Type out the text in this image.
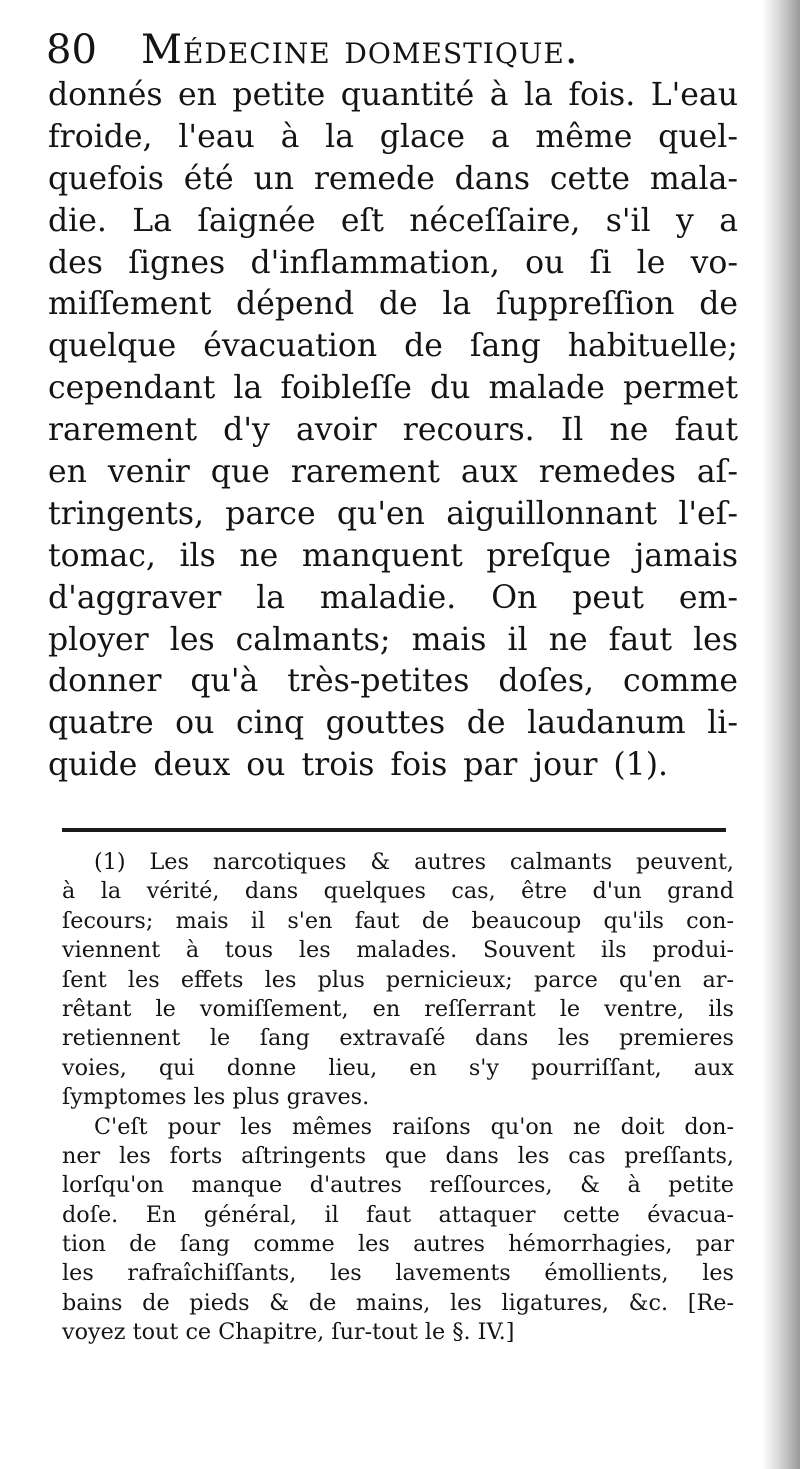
80 Médecine domestique.
donnés en petite quantité à la fois. L'eau
froide, l'eau à la glace a même quel-
quefois été un remede dans cette mala-
die. La ſaignée eſt néceſſaire, s'il y a
des ſignes d'inflammation, ou ſi le vo-
miſſement dépend de la ſuppreſſion de
quelque évacuation de ſang habituelle;
cependant la foibleſſe du malade permet
rarement d'y avoir recours. Il ne faut
en venir que rarement aux remedes aſ-
tringents, parce qu'en aiguillonnant l'eſ-
tomac, ils ne manquent preſque jamais
d'aggraver la maladie. On peut em-
ployer les calmants; mais il ne faut les
donner qu'à très-petites doſes, comme
quatre ou cinq gouttes de laudanum li-
quide deux ou trois fois par jour (1).
(1) Les narcotiques & autres calmants peuvent,
à la vérité, dans quelques cas, être d'un grand
ſecours; mais il s'en faut de beaucoup qu'ils con-
viennent à tous les malades. Souvent ils produi-
ſent les effets les plus pernicieux; parce qu'en ar-
rêtant le vomiſſement, en reſſerrant le ventre, ils
retiennent le ſang extravaſé dans les premieres
voies, qui donne lieu, en s'y pourriſſant, aux
ſymptomes les plus graves.
C'eſt pour les mêmes raiſons qu'on ne doit don-
ner les forts aſtringents que dans les cas preſſants,
lorſqu'on manque d'autres reſſources, & à petite
doſe. En général, il faut attaquer cette évacua-
tion de ſang comme les autres hémorrhagies, par
les rafraîchiſſants, les lavements émollients, les
bains de pieds & de mains, les ligatures, &c. [Re-
voyez tout ce Chapitre, ſur-tout le §. IV.]
